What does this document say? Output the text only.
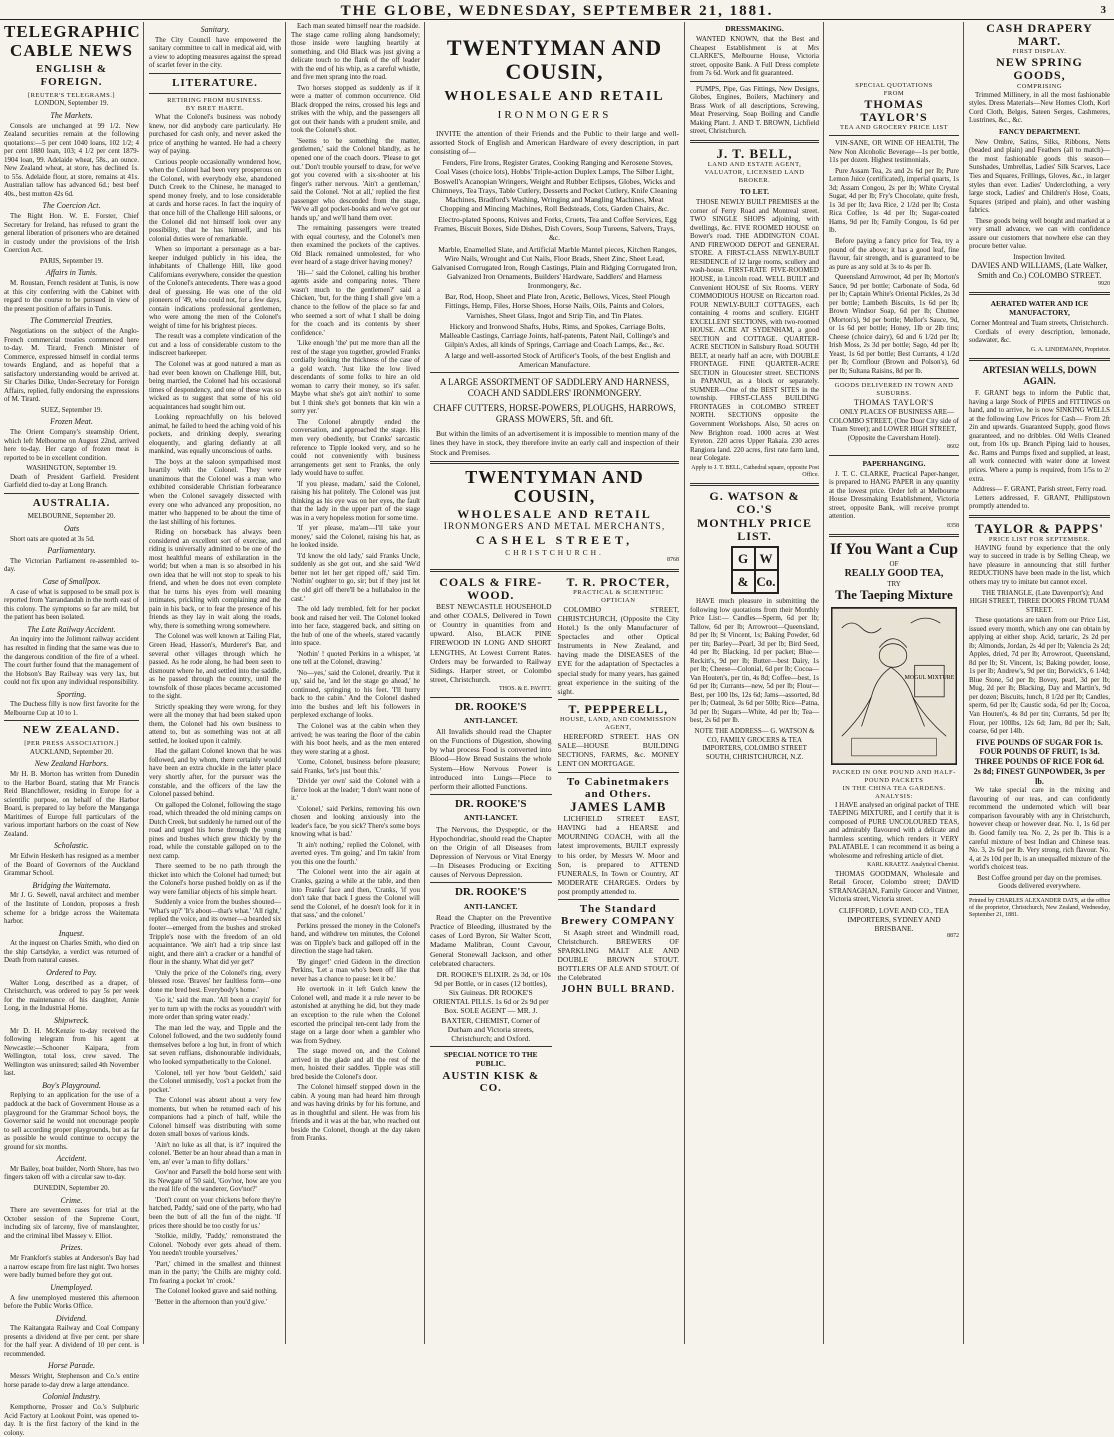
THE GLOBE, WEDNESDAY, SEPTEMBER 21, 1881.	3
TELEGRAPHIC
CABLE NEWS
ENGLISH & FOREIGN.
[REUTER'S TELEGRAMS.]
LONDON, September 19.
The Markets.

Consols are unchanged at 99 1/2. New Zealand securities remain at the following quotations:—5 per cent 1040 loans, 102 1/2; 4 per cent 1880 loan, 103; 4 1/2 per cent 1879-1904 loan, 99. Adelaide wheat, 58s., an ounce. New Zealand wheat, at store, has declined 1s. to 55s. Adelaide flour, at store, remains at 41s. Australian tallow has advanced 6d.; best beef 40s., best mutton 42s 6d.

The Coercion Act.

The Right Hon. W. E. Forster, Chief Secretary for Ireland, has refused to grant the general liberation of prisoners who are detained in custody under the provisions of the Irish Coercion Act.

PARIS, September 19.
Affairs in Tunis.

M. Roustan, French resident at Tunis, is now at this city conferring with the Cabinet with regard to the course to be pursued in view of the present position of affairs in Tunis.

The Commercial Treaties.

Negotiations on the subject of the Anglo-French commercial treaties commenced here to-day. M. Tirard, French Minister of Commerce, expressed himself in cordial terms towards England, and as hopeful that a satisfactory understanding would be arrived at. Sir Charles Dilke, Under-Secretary for Foreign Affairs, replied, fully endorsing the expressions of M. Tirard.

SUEZ, September 19.
Frozen Meat.

The Orient Company's steamship Orient, which left Melbourne on August 22nd, arrived here to-day. Her cargo of frozen meat is reported to be in excellent condition.

WASHINGTON, September 19.

Death of President Garfield. President Garfield died to-day at Long Branch.

AUSTRALIA.
MELBOURNE, September 20.
Oats

Short oats are quoted at 3s 5d.

Parliamentary.

The Victorian Parliament re-assembled to-day.

Case of Smallpox.

A case of what is supposed to be small pox is reported from Yarrandandah in the north east of this colony. The symptoms so far are mild, but the patient has been isolated.

The Late Railway Accident.

An inquiry into the Jolimont railway accident has resulted in finding that the same was due to the dangerous condition of the fire of a wheel. The court further found that the management of the Hobson's Bay Railway was very lax, but could not fix upon any individual responsibility.

Sporting.

The Duchess filly is now first favorite for the Melbourne Cup at 10 to 1.

NEW ZEALAND.
[PER PRESS ASSOCIATION.]
AUCKLAND, September 20.
New Zealand Harbors.

Mr H. B. Morton has written from Dunedin to the Harbor Board, stating that Mr Francis Reid Blanchflower, residing in Europe for a scientific purpose, on behalf of the Harbor Board, is prepared to lay before the Manganga Maritimes of Europe full particulars of the various important harbors on the coast of New Zealand.

Scholastic.

Mr Edwin Hesketh has resigned as a member of the Board of Governors of the Auckland Grammar School.

Bridging the Waitemata.

Mr J. G. Sewell, naval architect and member of the Institute of London, proposes a fresh scheme for a bridge across the Waitemata harbor.

Inquest.

At the inquest on Charles Smith, who died on the ship Cartsdyke, a verdict was returned of Death from natural causes.

Ordered to Pay.

Walter Long, described as a draper, of Christchurch, was ordered to pay 5s per week for the maintenance of his daughter, Annie Long, in the Industrial Home.

Shipwreck.

Mr D. H. McKenzie to-day received the following telegram from his agent at Newcastle:—Schooner Kaipara, from Wellington, total loss, crew saved. The Wellington was uninsured; sailed 4th November last.

Boy's Playground.

Replying to an application for the use of a paddock at the back of Government House as a playground for the Grammar School boys, the Governor said he would not encourage people to sell according proper playgrounds, but as far as possible he would continue to occupy the ground for six months.

Accident.

Mr Bailey, boat builder, North Shore, has two fingers taken off with a circular saw to-day.

DUNEDIN, September 20.
Crime.

There are seventeen cases for trial at the October session of the Supreme Court, including six of larceny, five of manslaughter, and the criminal libel Massey v. Elliot.

Prizes.

Mr Frankfort's stables at Anderson's Bay had a narrow escape from fire last night. Two horses were badly burned before they got out.

Unemployed.

A few unemployed mustered this afternoon before the Public Works Office.

Dividend.

The Kaitangata Railway and Coal Company presents a dividend at five per cent. per share for the half year. A dividend of 10 per cent. is recommended.

Horse Parade.

Messrs Wright, Stephenson and Co.'s entire horse parade to-day drew a large attendance.

Colonial Industry.

Kempthorne, Prosser and Co.'s Sulphuric Acid Factory at Lookout Point, was opened to-day. It is the first factory of the kind in the colony.

Sanitary.

The City Council have empowered the sanitary committee to call in medical aid, with a view to adopting measures against the spread of scarlet fever in the city.

LITERATURE.
RETIRING FROM BUSINESS.
BY BRET HARTE.

What the Colonel's business was nobody knew, nor did anybody care particularly. He purchased for cash only, and never asked the price of anything he wanted. He had a cheery way of paying.

Curious people occasionally wondered how, when the Colonel had been very prosperous on the Colonel, with everybody else, abandoned Dutch Creek to the Chinese, he managed to spend money freely, and to lose considerable at cards and horse races. In fact the inquiry of that once hill of the Challenge Hill saloons, or the Colonel did not himself look over any possibility, that he has himself, and his colonial duties were of remarkable.

When so important a personage as a bar-keeper indulged publicly in his idea, the inhabitants of Challenge Hill, like good Californians everywhere, consider the question of the Colonel's antecedents. There was a good deal of guessing. He was one of the old pioneers of '49, who could not, for a few days, contain indications professional gentlemen, who were among the men of the Colonel's weight of time for his brightest pieces.

The result was a complete vindication of the cut and a loss of considerable custom to the indiscreet barkeeper.

The Colonel was at good natured a man as had ever been known on Challenge Hill, but, being married, the Colonel had his occasional times of despondency, and one of these was so wicked as to suggest that some of his old acquaintances had sought him out.

Looking reproachfully on his beloved animal, he failed to heed the aching void of his pockets, and drinking deeply, swearing eloquently, and glaring defiantly at all mankind, was equally unconscious of oaths.

The boys at the saloon sympathised most heartily with the Colonel. They were unanimous that the Colonel was a man who exhibited considerable Christian forbearance when the Colonel savagely dissected with every one who advanced any proposition, no matter who happened to be about the time of the last shilling of his fortunes.

Riding on horseback has always been considered an excellent sort of exercise, and riding is universally admitted to be one of the most healthful means of exhilaration in the world; but when a man is so absorbed in his own idea that he will not stop to speak to his friend, and when he does not even complete that he turns his eyes from well meaning intimates, prickling with complaining and the pain in his back, or to fear the presence of his friends as they lay in wait along the roads, why, there is something wrong somewhere.

The Colonel was well known at Tailing Flat, Green Head, Hasson's, Murderer's Bar, and several other villages through which he passed. As he rode along, he had been seen to dismount where he, and settled into the saddle, as he passed through the country, until the townsfolk of those places became accustomed to the sight.

Strictly speaking they were wrong, for they were all the money that had been staked upon them, the Colonel had his own business to attend to, but as something was not at all settled, he looked upon it calmly.

Had the gallant Colonel known that he was followed, and by whom, there certainly would have been an extra chuckle in the latter place very shortly after, for the pursuer was the constable, and the officers of the law the Colonel passed behind.

On galloped the Colonel, following the stage road, which threaded the old mining camps on Dutch Creek, but suddenly he turned out of the road and urged his horse through the young pines and bushes which grew thickly by the road, while the constable galloped on to the next camp.

There seemed to be no path through the thicket into which the Colonel had turned; but the Colonel's horse pushed boldly on as if the way were familiar objects of his simple heart.

Suddenly a voice from the bushes shouted— 'What's up?' 'It's about—that's what.' 'All right,' replied the voice, and its owner—a bearded six footer—emerged from the bushes and stroked Tripple's nose with the freedom of an old acquaintance. 'We ain't had a trip since last night, and there ain't a cracker or a handful of flour in the shanty. What did yer get?'

'Only the price of the Colonel's ring, every blessed rose. 'Braves' her faultless form—one done me bred best. Everybody's home.'

'Go it,' said the man. 'All been a crayin' for yer to turn up with the rocks as youuddn't with more order than spring water ready.'

The man led the way, and Tipple and the Colonel followed, and the two suddenly found themselves before a log hut, in front of which sat seven ruffians, dishonourable individuals, who looked sympathetically to the Colonel.

'Colonel, tell yer how 'bout Geldeth,' said the Colonel unmisedly, 'cos't a pocket from the pocket.'

The Colonel was absent about a very few moments, but when he returned each of his companions had a pinch of half, while the Colonel himself was distributing with some dozen small boxes of various kinds.

'Ain't no luke as all that, is it?' inquired the colonel. 'Better be an hour ahead than a man in 'em, an' ever 'a man to fifty dollars.'

Gov'nor and Parsell the bold horse sent with its Newgate of '50 said, 'Gov'nor, how are you the real life of the wanderer, Gov'nor?'

'Don't count on your chickens before they're hatched, Paddy,' said one of the party, who had been the butt of all the fun of the night. 'If prices there should be too costly for us.'

'Stolkie, mildly, 'Paddy,' remonstrated the Colonel. 'Nobody ever gets ahead of them. You needn't trouble yourselves.'

'Part,' chimed in the smallest and thinnest man in the party; 'the Chills are mighty cold. I'm fearing a pocket 'm' crook.'

The Colonel looked grave and said nothing.

'Better in the afternoon than you'd give.'

Each man seated himself near the roadside. The stage came rolling along handsomely; those inside were laughing heartily at something, and Old Black was just giving a delicate touch to the flank of the off leader with the end of his whip, as a careful whistle, and five men sprang into the road.

Two horses stopped as suddenly as if it were a matter of common occurrence. Old Black dropped the reins, crossed his legs and strikes with the whip, and the passengers all got out their hands with a prudent smile, and took the Colonel's shot.

'Seems to be something the matter, gentlemen,' said the Colonel blandly, as he opened one of the coach doors. 'Please to get out.' Don't trouble yourself to draw, for we've got you covered with a six-shooter at his finger's rather nervous. 'Ain't a gentleman,' said the Colonel. 'Not at all,' replied the first passenger who descended from the stage, 'We've all got pocket-books and we've got our hands up,' and we'll hand them over.

The remaining passengers were treated with equal courtesy, and the Colonel's men then examined the pockets of the captives. Old Black remained unmolested, for who ever heard of a stage driver having money?

'Hi—' said the Colonel, calling his brother agents aside and comparing notes. 'There wasn't much to the gentlemen?' said a Chicken, 'but, for the thing I shall give 'em a chance to the fellow of the place so far and who seemed a sort of what I shall be doing for the coach and its contents by sheer confidence.'

'Like enough 'the' put me more than all the rest of the stage you together, growled Franks cordially looking the thickness of the case of a gold watch. 'Just like the low lived descendants of some folks to hire an old woman to carry their money, so it's safer. Maybe what she's got ain't nothin' to some but I think she's got bonnets that kin win a sorry yer.'

The Colonel abruptly ended the conversation, and approached the stage. His men very obediently, but Cranks' sarcastic reference to Tipple looked very, and so he could not conveniently with business arrangements get sent to Franks, the only lady would have to suffer.

'If you please, madam,' said the Colonel, raising his hat politely. The Colonel was just thinking as his eye was on her eyes, the fault that the lady in the upper part of the stage was in a very hopeless motion for some time.

'If yer please, ma'am—I'll take your money,' said the Colonel, raising his hat, as he looked inside.

'I'd know the old lady,' said Franks Uncle, suddenly as she got out, and she said 'We'd better not let her get ripped off,' said Tim. 'Nothin' oughter to go, sir; but if they just let the old girl off there'll be a hullabaloo in the cast.'

The old lady trembled, felt for her pocket book and raised her veil. The Colonel looked into her face, staggered back, and sitting on the hub of one of the wheels, stared vacantly into space.

'Nothin' ! quoted Perkins in a whisper, 'at one tell at the Colonel, drawing.'

'No—yes,' said the Colonel, drearily. 'Put it up,' said he, 'and let the stage go ahead,' he continued, springing to his feet. 'I'll hurry back to the cabin.' And the Colonel dashed into the bushes and left his followers in perplexed exchange of looks.

The Colonel was at the cabin when they arrived; he was tearing the floor of the cabin with his boot heels, and as the men entered they were staring at a ghost.

'Come, Colonel, business before pleasure; said Franks, 'let's just 'bout this.'

'Divide yer own' said the Colonel with a fierce look at the leader; 'I don't want none of it.'

'Colonel,' said Perkins, removing his own chosen and looking anxiously into the leader's face, 'be you sick? There's some boys knowing what is bad.'

'It ain't nothing,' replied the Colonel, with averted eyes. 'I'm going,' and I'm takin' from you this one the fourth.'

'The Colonel went into the air again at Cranks, gazing a while at the table, and then into Franks' face and then, 'Cranks, 'if you don't take that back I guess the Colonel will send the Colonel, ef he doesn't look for it in that sass,' and the colonel.'

Perkins pressed the money in the Colonel's hand, and withdrew ten minutes, the Colonel was on Tipple's back and galloped off in the direction the stage had taken.

'By ginger!' cried Gideon in the direction Perkins, 'Let a man who's been off like that never has a chance to pause: let it be.'

He overtook in it left Gulch knew the Colonel well, and made it a rule never to be astonished at anything he did, but they made an exception to the rule when the Colonel escorted the principal ten-cent lady from the stage on a large door when a gambler who was from Sydney.

The stage moved on, and the Colonel arrived in the glade and all the rest of the men, hoisted their saddles. Tipple was still bred beside the Colonel's door.

The Colonel himself stepped down in the cabin. A young man had heard him through and was having drinks by for his fortune, and as in thoughtful and silent. He was from his friends and it was at the bar, who reached out beside the Colonel, though at the day taken from Franks.

TWENTYMAN AND COUSIN,
WHOLESALE AND RETAIL
IRONMONGERS

INVITE the attention of their Friends and the Public to their large and well-assorted Stock of English and American Hardware of every description, in part consisting of—

Fenders, Fire Irons, Register Grates, Cooking Ranging and Kerosene Stoves, Coal Vases (choice lots), Hobbs' Triple-action Duplex Lamps, The Silber Light, Boswell's Acanopian Wringers, Weight and Rubber Eclipses, Globes, Wicks and Chimneys, Tea Trays, Table Cutlery, Desserts and Pocket Cutlery, Knife Cleaning Machines, Bradford's Washing, Wringing and Mangling Machines, Meat Chopping and Mincing Machines, Roll Bedsteads, Cots, Garden Chairs, &c.

Electro-plated Spoons, Knives and Forks, Cruets, Tea and Coffee Services, Egg Frames, Biscuit Boxes, Side Dishes, Dish Covers, Soup Tureens, Salvers, Trays, &c.

Marble, Enamelled Slate, and Artificial Marble Mantel pieces, Kitchen Ranges, Wire Nails, Wrought and Cut Nails, Floor Brads, Sheet Zinc, Sheet Lead, Galvanised Corrugated Iron, Rough Castings, Plain and Ridging Corrugated Iron, Galvanized Iron Ornaments, Builders' Hardware, Saddlers' and Harness Ironmongery, &c.

Bar, Rod, Hoop, Sheet and Plate Iron, Acetic, Bellows, Vices, Steel Plough Fittings, Hemp, Files, Horse Shoes, Horse Nails, Oils, Paints and Colors, Varnishes, Sheet Glass, Ingot and Strip Tin, and Tin Plates.

Hickory and Ironwood Shafts, Hubs, Rims, and Spokes, Carriage Bolts, Malleable Castings, Carriage Joints, half-patents, Patent Nail, Collinge's and Gilpin's Axles, all kinds of Springs, Carriage and Coach Lamps, &c., &c.

A large and well-assorted Stock of Artificer's Tools, of the best English and American Manufacture.

A LARGE ASSORTMENT OF SADDLERY AND HARNESS, COACH AND SADDLERS' IRONMONGERY.
CHAFF CUTTERS, HORSE-POWERS, PLOUGHS, HARROWS, GRASS MOWERS, 5ft. and 6ft.

But within the limits of an advertisement it is impossible to mention many of the lines they have in stock, they therefore invite an early call and inspection of their Stock and Premises.

TWENTYMAN AND COUSIN,
WHOLESALE AND RETAIL
IRONMONGERS AND METAL MERCHANTS,
CASHEL STREET,
CHRISTCHURCH.
8768
COALS & FIRE-WOOD.

BEST NEWCASTLE HOUSEHOLD and other COALS, Delivered in Town or Country in quantities from and upward. Also, BLACK PINE FIREWOOD IN LONG AND SHORT LENGTHS, At Lowest Current Rates. Orders may be forwarded to Railway Sidings. Harper street, or Colombo street, Christchurch.

THOS. & E. PAVITT.
DR. ROOKE'S
ANTI-LANCET.

All Invalids should read the Chapter on the Functions of Digestion, showing by what process Food is converted into Blood—How Bread Sustains the whole System—How Nervous Power is introduced into Lungs—Piece to perform their allotted Functions.

DR. ROOKE'S
ANTI-LANCET.

The Nervous, the Dyspeptic, or the Hypochondriac, should read the Chapter on the Origin of all Diseases from Depression of Nervous or Vital Energy—In Diseases Producing or Exciting causes of Nervous Depression.

DR. ROOKE'S
ANTI-LANCET.

Read the Chapter on the Preventive Practice of Bleeding, illustrated by the cases of Lord Byron, Sir Walter Scott, Madame Malibran, Count Cavour, General Stonewall Jackson, and other celebrated characters.

DR. ROOKE'S ELIXIR. 2s 3d, or 10s 9d per Bottle, or in cases (12 bottles), Six Guineas. DR ROOKE'S ORIENTAL PILLS. 1s 6d or 2s 9d per Box. SOLE AGENT — MR. J. BAXTER, CHEMIST, Corner of Durham and Victoria streets, Christchurch; and Oxford.

SPECIAL NOTICE TO THE PUBLIC.
AUSTIN KISK & CO.
T. R. PROCTER,
PRACTICAL & SCIENTIFIC OPTICIAN

COLOMBO STREET, CHRISTCHURCH, (Opposite the City Hotel.) Is the only Manufacturer of Spectacles and other Optical Instruments in New Zealand, and having made the DISEASES of the EYE for the adaptation of Spectacles a special study for many years, has gained great experience in the suiting of the sight.

T. PEPPERELL,
HOUSE, LAND, AND COMMISSION AGENT,

HEREFORD STREET. HAS ON SALE—HOUSE BUILDING SECTIONS, FARMS, &c. MONEY LENT ON MORTGAGE.

To Cabinetmakers and Others.
JAMES LAMB

LICHFIELD STREET EAST, HAVING had a HEARSE and MOURNING COACH, with all the latest improvements, BUILT expressly to his order, by Messrs W. Moor and Son, is prepared to ATTEND FUNERALS, In Town or Country, AT MODERATE CHARGES. Orders by post promptly attended to.

The Standard Brewery COMPANY

St Asaph street and Windmill road, Christchurch. BREWERS OF SPARKLING MALT ALE AND DOUBLE BROWN STOUT. BOTTLERS OF ALE AND STOUT. Of the Celebrated

JOHN BULL BRAND.
DRESSMAKING.

WANTED KNOWN, that the Best and Cheapest Establishment is at Mrs CLARKE'S, Melbourne House, Victoria street, opposite Bank. A Full Dress complete from 7s 6d. Work and fit guaranteed.

PUMPS, Pipe, Gas Fittings, New Designs, Globes, Engines, Boilers, Machinery and Brass Work of all descriptions, Screwing, Meat Preserving, Soap Boiling and Candle Making Plant. J. AND T. BROWN, Lichfield street, Christchurch.

J. T. BELL,
LAND AND ESTATE AGENT, VALUATOR, LICENSED LAND BROKER.
TO LET.

THOSE NEWLY BUILT PREMISES at the corner of Ferry Road and Montreal street. TWO SINGLE SHOPS adjoining, with dwellings, &c. FIVE ROOMED HOUSE on Bower's road. THE ADDINGTON COAL AND FIREWOOD DEPOT and GENERAL STORE. A FIRST-CLASS NEWLY-BUILT RESIDENCE of 12 large rooms, scullery and wash-house. FIRST-RATE FIVE-ROOMED HOUSE, in Lincoln road. WELL BUILT and Convenient HOUSE of Six Rooms. VERY COMMODIOUS HOUSE on Riccarton road. FOUR NEWLY-BUILT COTTAGES, each containing 4 rooms and scullery. EIGHT EXCELLENT SECTIONS, with two-roomed HOUSE. ACRE AT SYDENHAM, a good SECTION and COTTAGE. QUARTER-ACRE SECTION in Salisbury Road. SOUTH BELT, at nearly half an acre, with DOUBLE FRONTAGE. FINE QUARTER-ACRE SECTION in Gloucester street. SECTIONS in PAPANUI, as a block or separately. SUMNER—One of the BEST SITES in the township. FIRST-CLASS BUILDING FRONTAGES in COLOMBO STREET NORTH. SECTIONS opposite the Government Workshops. Also, 50 acres on New Brighton road. 1000 acres at West Eyreton. 220 acres Upper Rakaia. 230 acres Rangiora land. 220 acres, first rate farm land, near Colegate.

Apply to J. T. BELL, Cathedral square, opposite Post Office.
G. WATSON & CO.'S
MONTHLY PRICE LIST.
G W
& Co.

HAVE much pleasure in submitting the following low quotations from their Monthly Price List:— Candles—Sperm, 6d per lb; Tallow, 6d per lb; Arrowroot—Queensland, 8d per lb; St Vincent, 1s; Baking Powder, 6d per tin; Barley—Pearl, 3d per lb; Bird Seed, 4d per lb; Blacking, 1d per packet; Blue—Reckitt's, 9d per lb; Butter—best Dairy, 1s per lb; Cheese—Colonial, 6d per lb; Cocoa—Van Houten's, per tin, 4s 8d; Coffee—best, 1s 6d per lb; Currants—new, 5d per lb; Flour—Best, per 100 lbs, 12s 6d; Jams—assorted, 8d per lb; Oatmeal, 3s 6d per 50lb; Rice—Patna, 3d per lb; Sugars—White, 4d per lb; Tea—best, 2s 6d per lb.

NOTE THE ADDRESS— G. WATSON & CO, FAMILY GROCERS & TEA IMPORTERS, COLOMBO STREET SOUTH, CHRISTCHURCH, N.Z.
SPECIAL QUOTATIONS
FROM
THOMAS TAYLOR'S
TEA AND GROCERY PRICE LIST

VIN-SANE, OR WINE OF HEALTH, The New Non Alcoholic Beverage—1s per bottle, 11s per dozen. Highest testimonials.

Pure Assam Tea, 2s and 2s 6d per lb; Pure Lemon Juice (certificated), imperial quarts, 1s 3d; Assam Congou, 2s per lb; White Crystal Sugar, 4d per lb; Fry's Chocolate, quite fresh, 1s 3d per lb; Java Rice, 2 1/2d per lb; Costa Rica Coffee, 1s 4d per lb; Sugar-coated Hams, 9d per lb; Family Congou, 1s 6d per lb.

Before paying a fancy price for Tea, try a pound of the above; it has a good leaf, fine flavour, fair strength, and is guaranteed to be as pure as any sold at 3s to 4s per lb.

Queensland Arrowroot, 4d per lb; Morton's Sauce, 9d per bottle; Carbonate of Soda, 6d per lb; Captain White's Oriental Pickles, 2s 3d per bottle; Lambeth Biscuits, 1s 6d per lb; Brown Windsor Soap, 6d per lb; Chutnee (Morton's), 9d per bottle; Mellor's Sauce, 9d, or 1s 6d per bottle; Honey, 1lb or 2lb tins; Cheese (choice dairy), 6d and 6 1/2d per lb; Irish Moss, 2s 3d per bottle; Sago, 4d per lb; Yeast, 1s 6d per bottle; Best Currants, 4 1/2d per lb; Cornflour (Brown and Polson's), 6d per lb; Sultana Raisins, 8d per lb.

GOODS DELIVERED IN TOWN AND SUBURBS.
THOMAS TAYLOR'S

ONLY PLACES OF BUSINESS ARE— COLOMBO STREET, (One Door City side of Tuam Street); and LOWER HIGH STREET, (Opposite the Caversham Hotel).

8602
PAPERHANGING.

J. T. C. CLARKE, Practical Paper-hanger, is prepared to HANG PAPER in any quantity at the lowest price. Order left at Melbourne House Dressmaking Establishment, Victoria street, opposite Bank, will receive prompt attention.

8358
If You Want a Cup
OF
REALLY GOOD TEA,
TRY
The Taeping Mixture
MOGUL MIXTURE
PACKED IN ONE POUND AND HALF-POUND PACKETS
IN THE CHINA TEA GARDENS.
ANALYSIS:

I HAVE analysed an original packet of THE TAEPING MIXTURE, and I certify that it is composed of PURE UNCOLOURED TEAS, and admirably flavoured with a delicate and harmless scenting, which renders it VERY PALATABLE. I can recommend it as being a wholesome and refreshing article of diet.

KARL KRAETZ. Analytical Chemist.

THOMAS GOODMAN, Wholesale and Retail Grocer, Colombo street; DAVID STRANAGHAN, Family Grocer and Vintner, Victoria street, Victoria street.

CLIFFORD, LOVE AND CO., TEA IMPORTERS, SYDNEY AND BRISBANE.
8872
CASH DRAPERY MART.
FIRST DISPLAY.
NEW SPRING GOODS,
COMPRISING

Trimmed Millinery, in all the most fashionable styles. Dress Materials—New Homes Cloth, Korl Cord Cloth, Belges, Sateen Serges, Cashmeres, Lustrines, &c., &c.

FANCY DEPARTMENT.

New Ombre, Satins, Silks, Ribbons, Netts (beaded and plain) and Feathers (all to match)—the most fashionable goods this season—Sunshades, Umbrellas, Ladies' Silk Scarves, Lace Ties and Squares, Frillings, Gloves, &c., in larger styles than ever. Ladies' Underclothing, a very large stock, Ladies' and Children's Hose, Coats, Squares (striped and plain), and other washing fabrics.

These goods being well bought and marked at a very small advance, we can with confidence assure our customers that nowhere else can they procure better value.

Inspection Invited.
DAVIES AND WILLIAMS, (Late Walker, Smith and Co.) COLOMBO STREET.
9920
AERATED WATER AND ICE MANUFACTORY,
Corner Montreal and Tuam streets, Christchurch.

Cordials of every description, lemonade, sodawater, &c.

G. A. LINDEMANN, Proprietor.
ARTESIAN WELLS, DOWN AGAIN.

F. GRANT begs to inform the Public that, having a large Stock of PIPES and FITTINGS on hand, and to arrive, he is now SINKING WELLS at the following Low Prices for Cash— From 2ft 2in and upwards. Guaranteed Supply, good flows guaranteed, and no dribbles. Old Wells Cleaned out, from 10s up. Branch Piping laid to houses, &c. Rams and Pumps fixed and supplied, at least, all work connected with water done at lowest prices. Where a pump is required, from 1/5s to 2/ extra.

Address— F. GRANT, Parish street, Ferry road.

Letters addressed, F. GRANT, Phillipstown promptly attended to.

TAYLOR & PAPPS'
PRICE LIST FOR SEPTEMBER.

HAVING found by experience that the only way to succeed in trade is by Selling Cheap, we have pleasure in announcing that still further REDUCTIONS have been made in the list, which others may try to imitate but cannot excel.

THE TRIANGLE, (Late Davenport's); And HIGH STREET, THREE DOORS FROM TUAM STREET.

These quotations are taken from our Price List, issued every month, which any one can obtain by applying at either shop. Acid, tartaric, 2s 2d per lb; Almonds, Jordan, 2s 4d per lb; Valencia 2s 2d; Apples, dried, 7d per lb; Arrowroot, Queensland, 8d per lb; St. Vincent, 1s; Baking powder, loose, 1s per lb; Andrew's, 9d per tin; Borwick's, 6 1/4d; Blue Stone, 5d per lb; Bovey, pearl, 3d per lb; Mug, 2d per lb; Blacking, Day and Martin's, 9d per dozen; Biscuits, lunch, 8 1/2d per lb; Candles, sperm, 6d per lb; Caustic soda, 6d per lb; Cocoa, Van Houten's, 4s 8d per tin; Currants, 5d per lb; Flour, per 100lbs, 12s 6d; Jam, 8d per lb; Salt, coarse, 6d per 14lb.

FIVE POUNDS OF SUGAR FOR 1s.
FOUR POUNDS OF FRUIT, 1s 3d.
THREE POUNDS OF RICE FOR 6d.
2s 8d; FINEST GUNPOWDER, 3s per lb.

We take special care in the mixing and flavouring of our teas, and can confidently recommend the undernoted which will bear comparison favourably with any in Christchurch, however cheap or however dear. No. 1, 1s 6d per lb. Good family tea. No. 2, 2s per lb. This is a careful mixture of best Indian and Chinese teas. No. 3, 2s 6d per lb. Very strong, rich flavour. No. 4, at 2s 10d per lb, is an unequalled mixture of the world's choicest teas.

Best Coffee ground per day on the premises. Goods delivered everywhere.
Printed by CHARLES ALEXANDER DATS, at the office of the proprietor, Christchurch, New Zealand, Wednesday, September 21, 1881.
